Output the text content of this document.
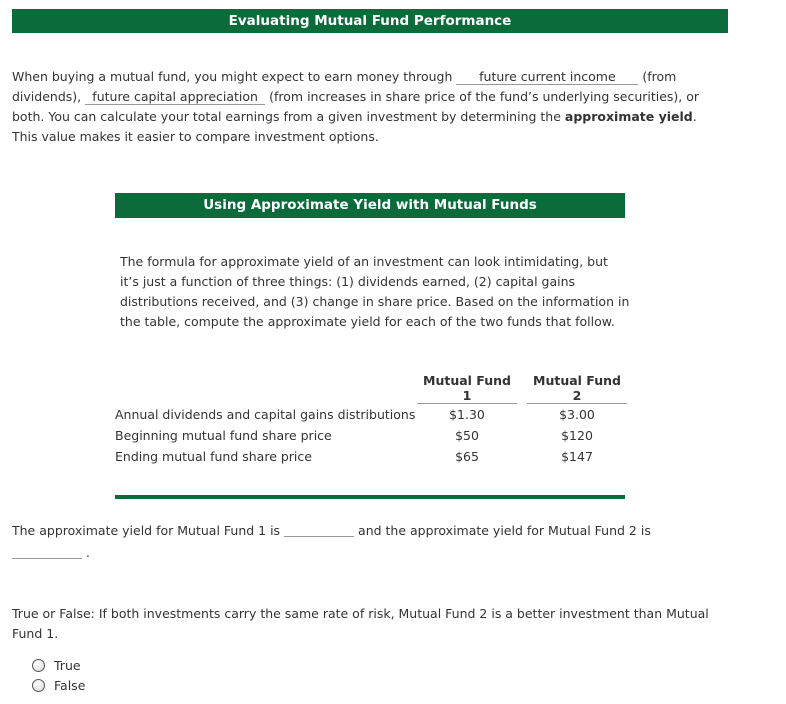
Evaluating Mutual Fund Performance

When buying a mutual fund, you might expect to earn money through future current income (from dividends), future capital appreciation (from increases in share price of the fund’s underlying securities), or both. You can calculate your total earnings from a given investment by determining the approximate yield. This value makes it easier to compare investment options.

Using Approximate Yield with Mutual Funds

The formula for approximate yield of an investment can look intimidating, but it’s just a function of three things: (1) dividends earned, (2) capital gains distributions received, and (3) change in share price. Based on the information in the table, compute the approximate yield for each of the two funds that follow.

	Mutual Fund 1		Mutual Fund 2
Annual dividends and capital gains distributions	$1.30		$3.00
Beginning mutual fund share price	$50		$120
Ending mutual fund share price	$65		$147

The approximate yield for Mutual Fund 1 is	and the approximate yield for Mutual Fund 2 is
.

True or False: If both investments carry the same rate of risk, Mutual Fund 2 is a better investment than Mutual Fund 1.

True
False
